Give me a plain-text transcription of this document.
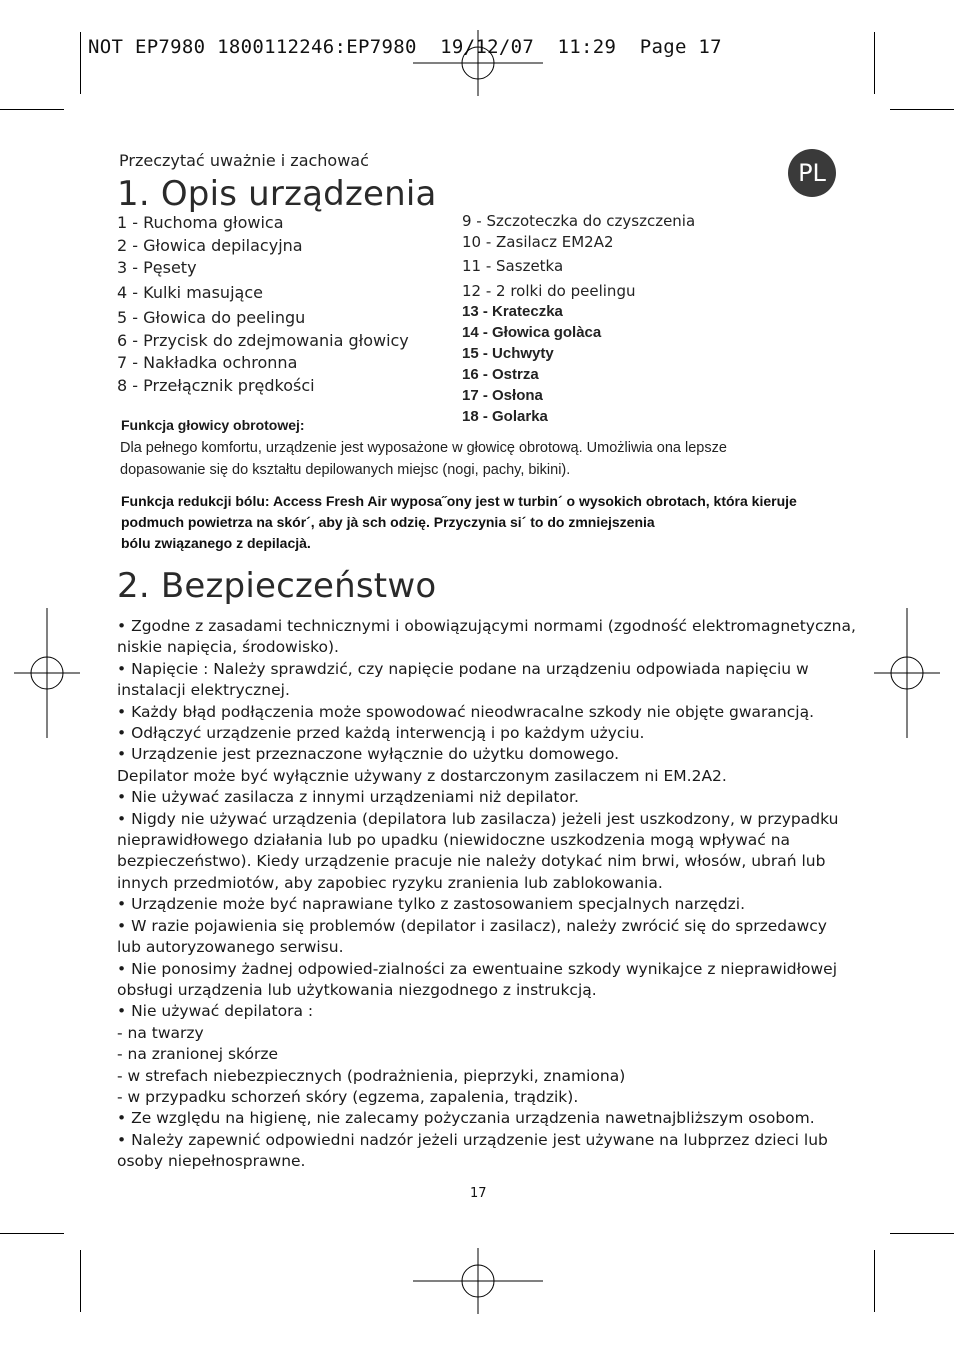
NOT EP7980 1800112246:EP7980  19/12/07  11:29  Page 17
Przeczytać uważnie i zachować	PL
1. Opis urządzenia
1 - Ruchoma głowica
2 - Głowica depilacyjna
3 - Pęsety
4 - Kulki masujące
5 - Głowica do peelingu
6 - Przycisk do zdejmowania głowicy
7 - Nakładka ochronna
8 - Przełącznik prędkości
9 - Szczoteczka do czyszczenia
10 - Zasilacz EM2A2
11 - Saszetka
12 - 2 rolki do peelingu
13 - Krateczka
14 - Głowica golàca
15 - Uchwyty
16 - Ostrza
17 - Osłona
18 - Golarka
Funkcja głowicy obrotowej:
Dla pełnego komfortu, urządzenie jest wyposażone w głowicę obrotową. Umożliwia ona lepsze
dopasowanie się do kształtu depilowanych miejsc (nogi, pachy, bikini).
Funkcja redukcji bólu: Access Fresh Air wyposa˝ony jest w turbin´ o wysokich obrotach, która kieruje
podmuch powietrza na skór´, aby jà sch odzię. Przyczynia si´ to do zmniejszenia
bólu związanego z depilacjà.
2. Bezpieczeństwo
• Zgodne z zasadami technicznymi i obowiązującymi normami (zgodność elektromagnetyczna,
niskie napięcia, środowisko).
• Napięcie : Należy sprawdzić, czy napięcie podane na urządzeniu odpowiada napięciu w
instalacji elektrycznej.
• Każdy błąd podłączenia może spowodować nieodwracalne szkody nie objęte gwarancją.
• Odłączyć urządzenie przed każdą interwencją i po każdym użyciu.
• Urządzenie jest przeznaczone wyłącznie do użytku domowego.
Depilator może być wyłącznie używany z dostarczonym zasilaczem ni EM.2A2.
• Nie używać zasilacza z innymi urządzeniami niż depilator.
• Nigdy nie używać urządzenia (depilatora lub zasilacza) jeżeli jest uszkodzony, w przypadku
nieprawidłowego działania lub po upadku (niewidoczne uszkodzenia mogą wpływać na
bezpieczeństwo). Kiedy urządzenie pracuje nie należy dotykać nim brwi, włosów, ubrań lub
innych przedmiotów, aby zapobiec ryzyku zranienia lub zablokowania.
• Urządzenie może być naprawiane tylko z zastosowaniem specjalnych narzędzi.
• W razie pojawienia się problemów (depilator i zasilacz), należy zwrócić się do sprzedawcy
lub autoryzowanego serwisu.
• Nie ponosimy żadnej odpowied-zialności za ewentuaine szkody wynikajce z nieprawidłowej
obsługi urządzenia lub użytkowania niezgodnego z instrukcją.
• Nie używać depilatora :
- na twarzy
- na zranionej skórze
- w strefach niebezpiecznych (podrażnienia, pieprzyki, znamiona)
- w przypadku schorzeń skóry (egzema, zapalenia, trądzik).
• Ze względu na higienę, nie zalecamy pożyczania urządzenia nawetnajbliższym osobom.
• Należy zapewnić odpowiedni nadzór jeżeli urządzenie jest używane na lubprzez dzieci lub
osoby niepełnosprawne.
17
